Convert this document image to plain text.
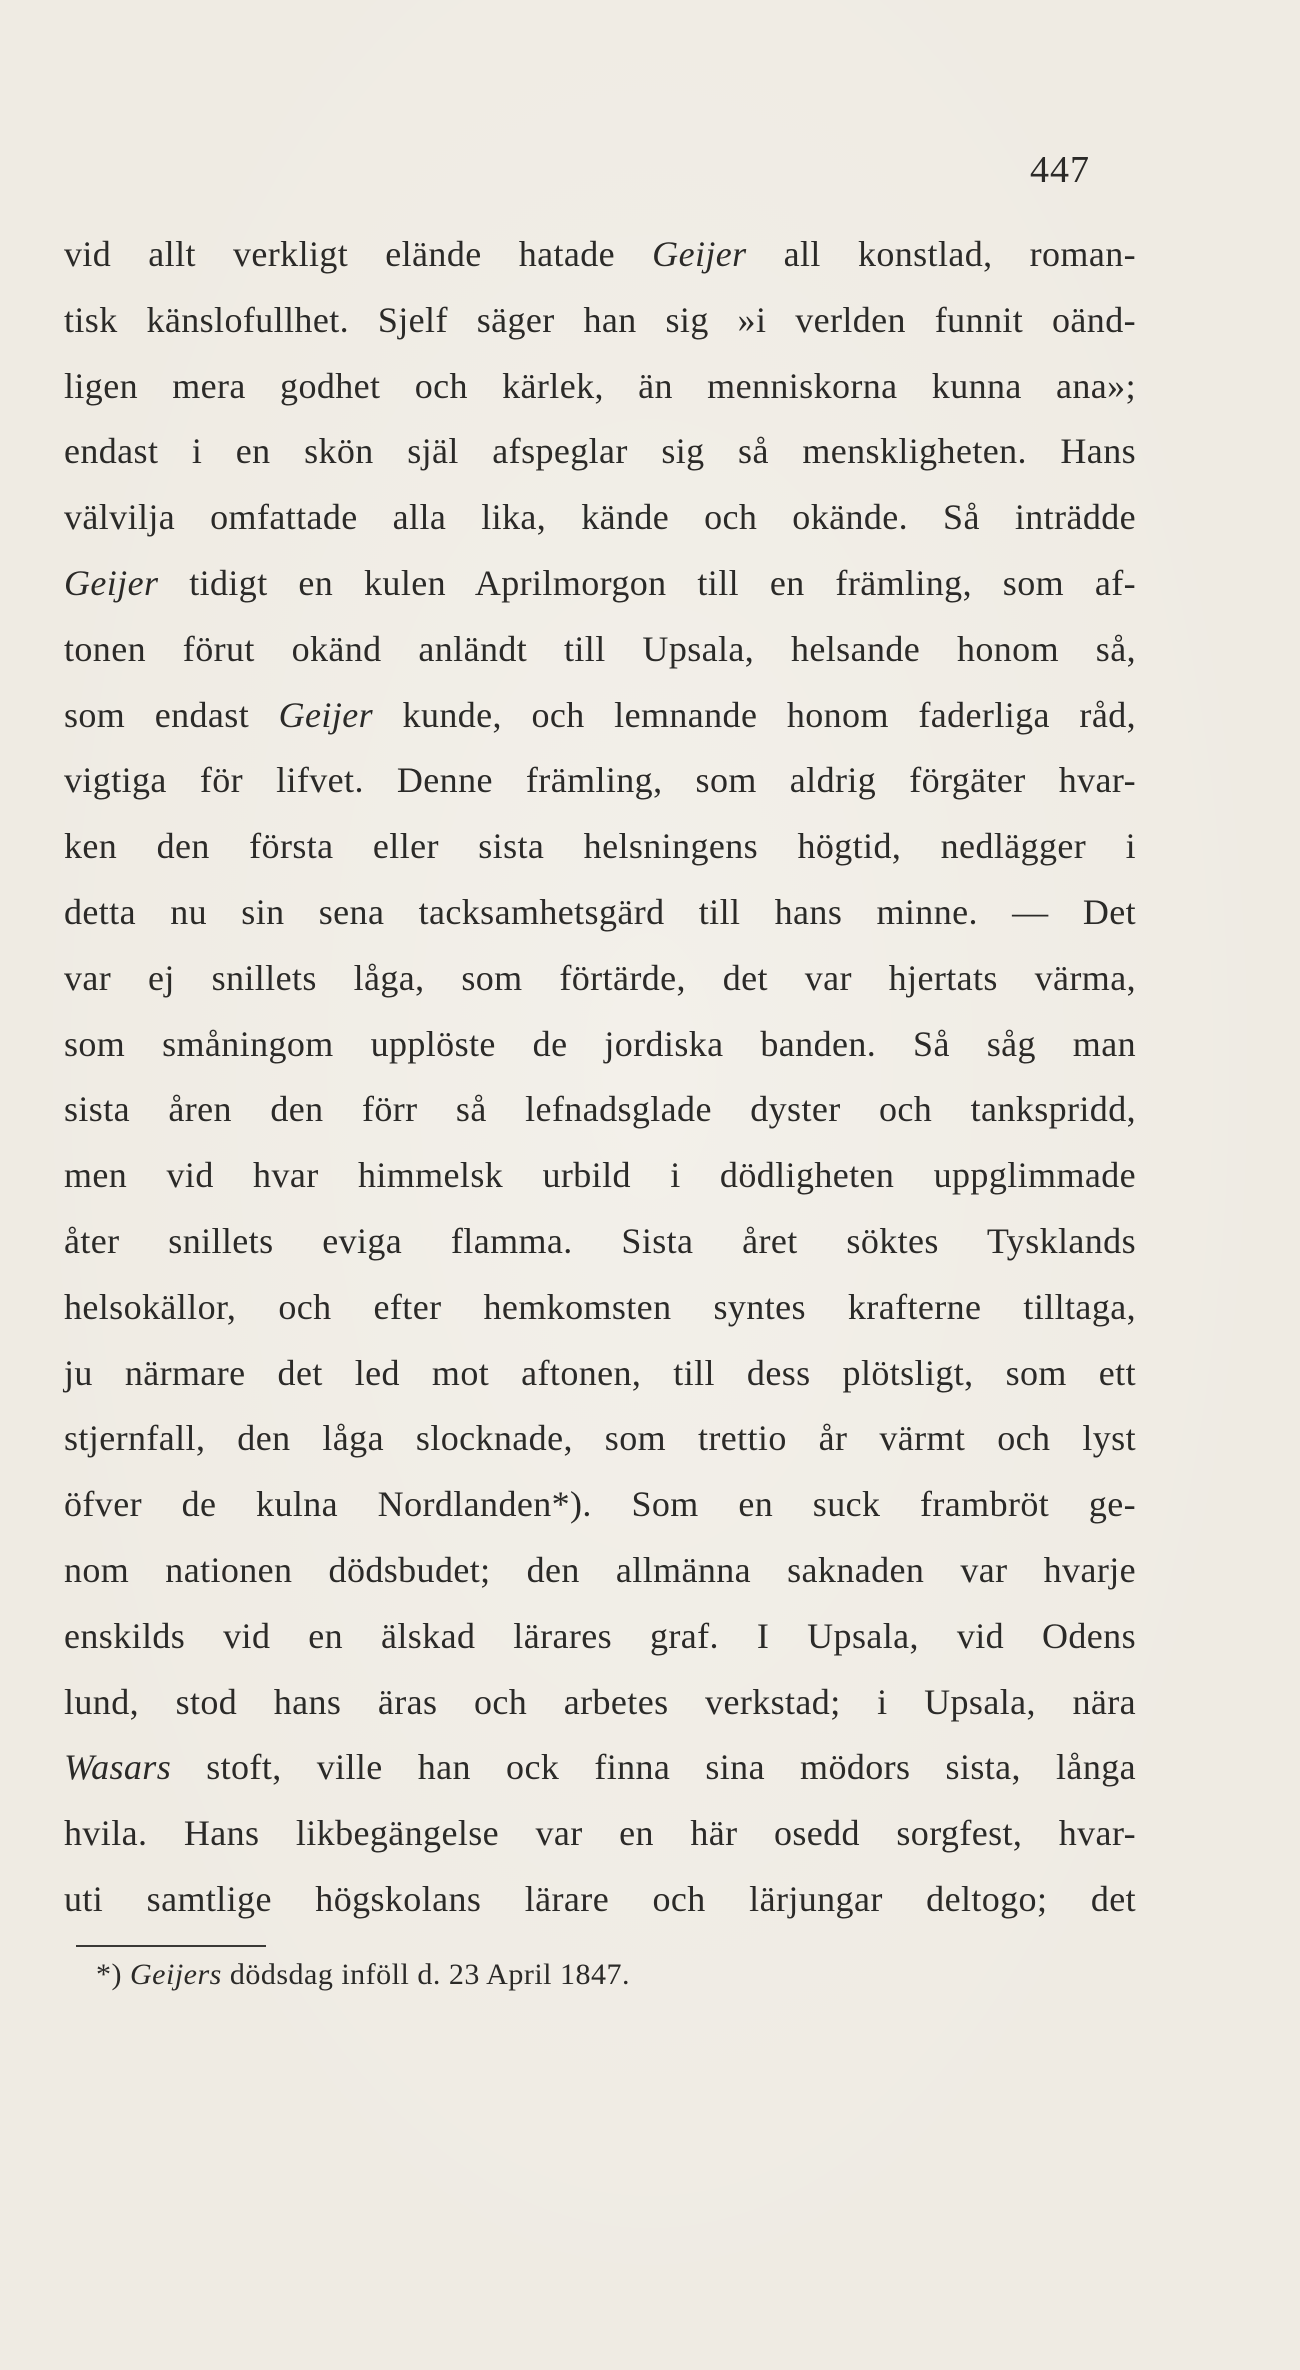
447
vid allt verkligt elände hatade Geijer all konstlad, roman-
tisk känslofullhet. Sjelf säger han sig »i verlden funnit oänd-
ligen mera godhet och kärlek, än menniskorna kunna ana»;
endast i en skön själ afspeglar sig så menskligheten. Hans
välvilja omfattade alla lika, kände och okände. Så inträdde
Geijer tidigt en kulen Aprilmorgon till en främling, som af-
tonen förut okänd anländt till Upsala, helsande honom så,
som endast Geijer kunde, och lemnande honom faderliga råd,
vigtiga för lifvet. Denne främling, som aldrig förgäter hvar-
ken den första eller sista helsningens högtid, nedlägger i
detta nu sin sena tacksamhetsgärd till hans minne. — Det
var ej snillets låga, som förtärde, det var hjertats värma,
som småningom upplöste de jordiska banden. Så såg man
sista åren den förr så lefnadsglade dyster och tankspridd,
men vid hvar himmelsk urbild i dödligheten uppglimmade
åter snillets eviga flamma. Sista året söktes Tysklands
helsokällor, och efter hemkomsten syntes krafterne tilltaga,
ju närmare det led mot aftonen, till dess plötsligt, som ett
stjernfall, den låga slocknade, som trettio år värmt och lyst
öfver de kulna Nordlanden*). Som en suck frambröt ge-
nom nationen dödsbudet; den allmänna saknaden var hvarje
enskilds vid en älskad lärares graf. I Upsala, vid Odens
lund, stod hans äras och arbetes verkstad; i Upsala, nära
Wasars stoft, ville han ock finna sina mödors sista, långa
hvila. Hans likbegängelse var en här osedd sorgfest, hvar-
uti samtlige högskolans lärare och lärjungar deltogo; det
*) Geijers dödsdag inföll d. 23 April 1847.
